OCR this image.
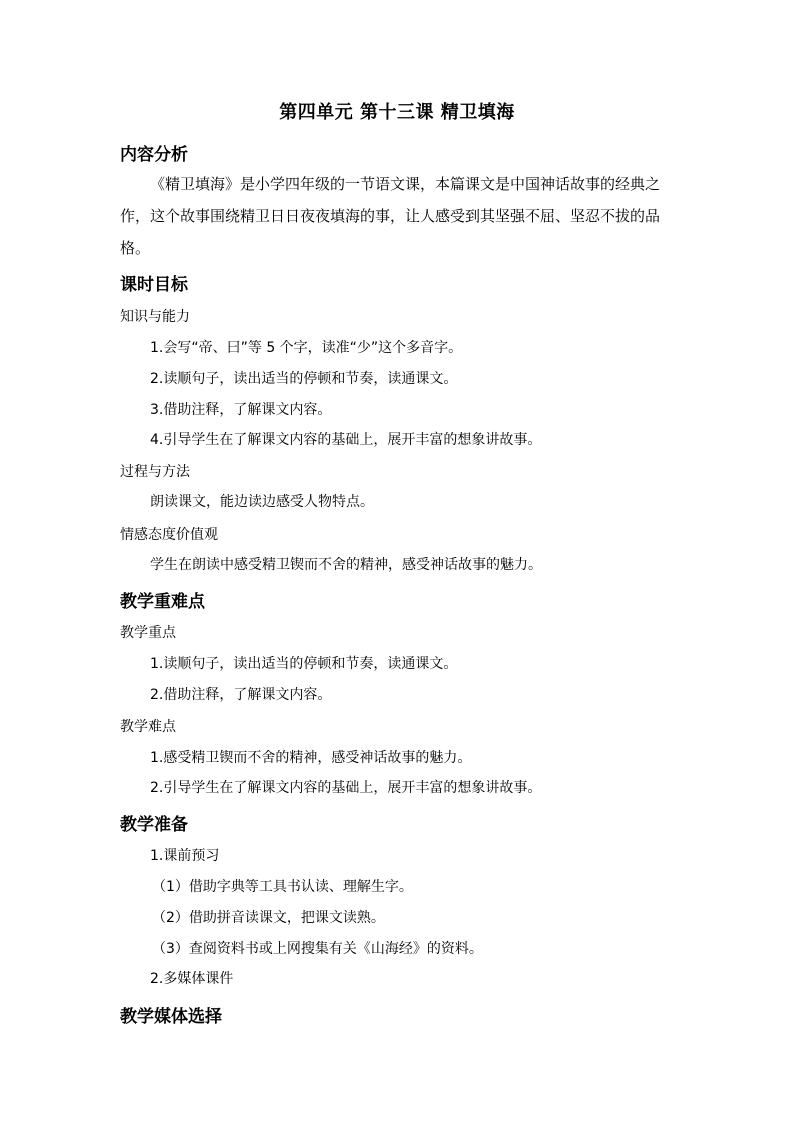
第四单元 第十三课 精卫填海
内容分析
《精卫填海》是小学四年级的一节语文课，本篇课文是中国神话故事的经典之作，这个故事围绕精卫日日夜夜填海的事，让人感受到其坚强不屈、坚忍不拔的品格。
课时目标
知识与能力
1.会写“帝、曰”等 5 个字，读准“少”这个多音字。
2.读顺句子，读出适当的停顿和节奏，读通课文。
3.借助注释，了解课文内容。
4.引导学生在了解课文内容的基础上，展开丰富的想象讲故事。
过程与方法
朗读课文，能边读边感受人物特点。
情感态度价值观
学生在朗读中感受精卫锲而不舍的精神，感受神话故事的魅力。
教学重难点
教学重点
1.读顺句子，读出适当的停顿和节奏，读通课文。
2.借助注释，了解课文内容。
教学难点
1.感受精卫锲而不舍的精神，感受神话故事的魅力。
2.引导学生在了解课文内容的基础上，展开丰富的想象讲故事。
教学准备
1.课前预习
（1）借助字典等工具书认读、理解生字。
（2）借助拼音读课文，把课文读熟。
（3）查阅资料书或上网搜集有关《山海经》的资料。
2.多媒体课件
教学媒体选择
